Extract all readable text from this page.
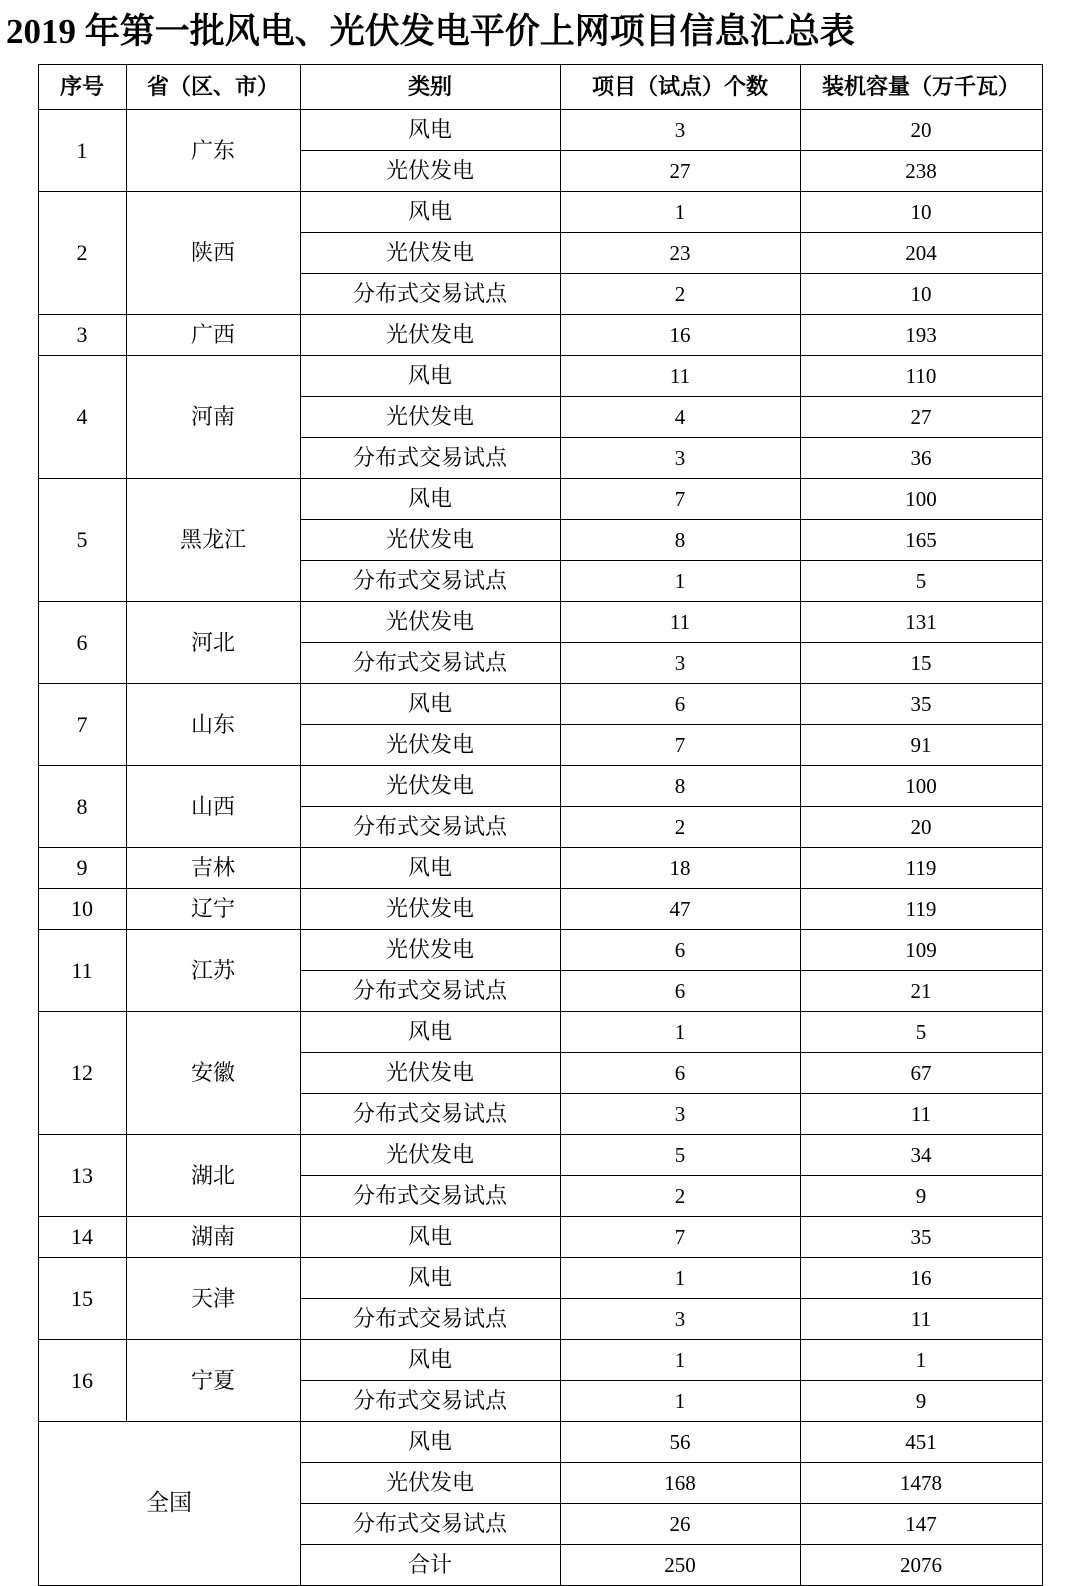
2019 年第一批风电、光伏发电平价上网项目信息汇总表
序号	省（区、市）	类别	项目（试点）个数	装机容量（万千瓦）
1	广东	风电	3	20
		光伏发电	27	238
2	陕西	风电	1	10
		光伏发电	23	204
		分布式交易试点	2	10
3	广西	光伏发电	16	193
4	河南	风电	11	110
		光伏发电	4	27
		分布式交易试点	3	36
5	黑龙江	风电	7	100
		光伏发电	8	165
		分布式交易试点	1	5
6	河北	光伏发电	11	131
		分布式交易试点	3	15
7	山东	风电	6	35
		光伏发电	7	91
8	山西	光伏发电	8	100
		分布式交易试点	2	20
9	吉林	风电	18	119
10	辽宁	光伏发电	47	119
11	江苏	光伏发电	6	109
		分布式交易试点	6	21
12	安徽	风电	1	5
		光伏发电	6	67
		分布式交易试点	3	11
13	湖北	光伏发电	5	34
		分布式交易试点	2	9
14	湖南	风电	7	35
15	天津	风电	1	16
		分布式交易试点	3	11
16	宁夏	风电	1	1
		分布式交易试点	1	9
全国		风电	56	451
		光伏发电	168	1478
		分布式交易试点	26	147
		合计	250	2076
